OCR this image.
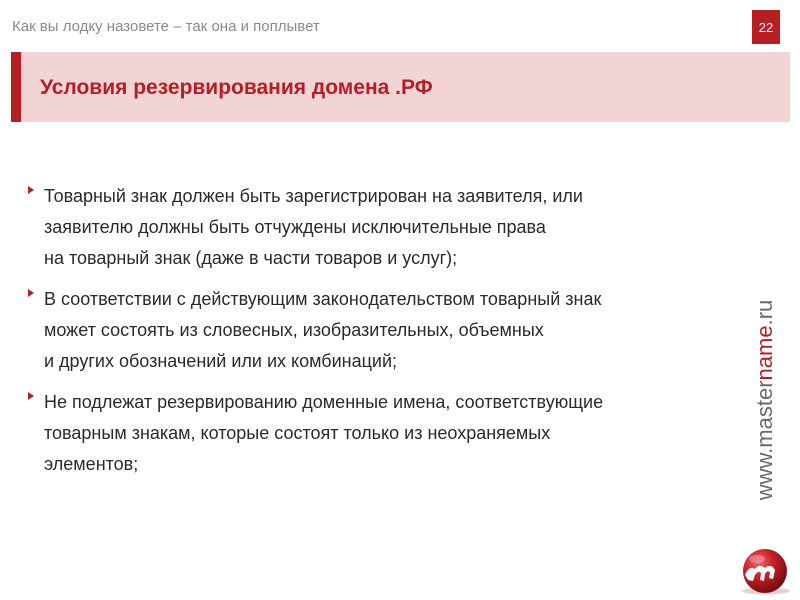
Как вы лодку назовете – так она и поплывет	22
Условия резервирования домена .РФ
Товарный знак должен быть зарегистрирован на заявителя, или
заявителю должны быть отчуждены исключительные права
на товарный знак (даже в части товаров и услуг);
В соответствии с действующим законодательством товарный знак
может состоять из словесных, изобразительных, объемных
и других обозначений или их комбинаций;
Не подлежат резервированию доменные имена, соответствующие
товарным знакам, которые состоят только из неохраняемых
элементов;	www.mastername.ru
